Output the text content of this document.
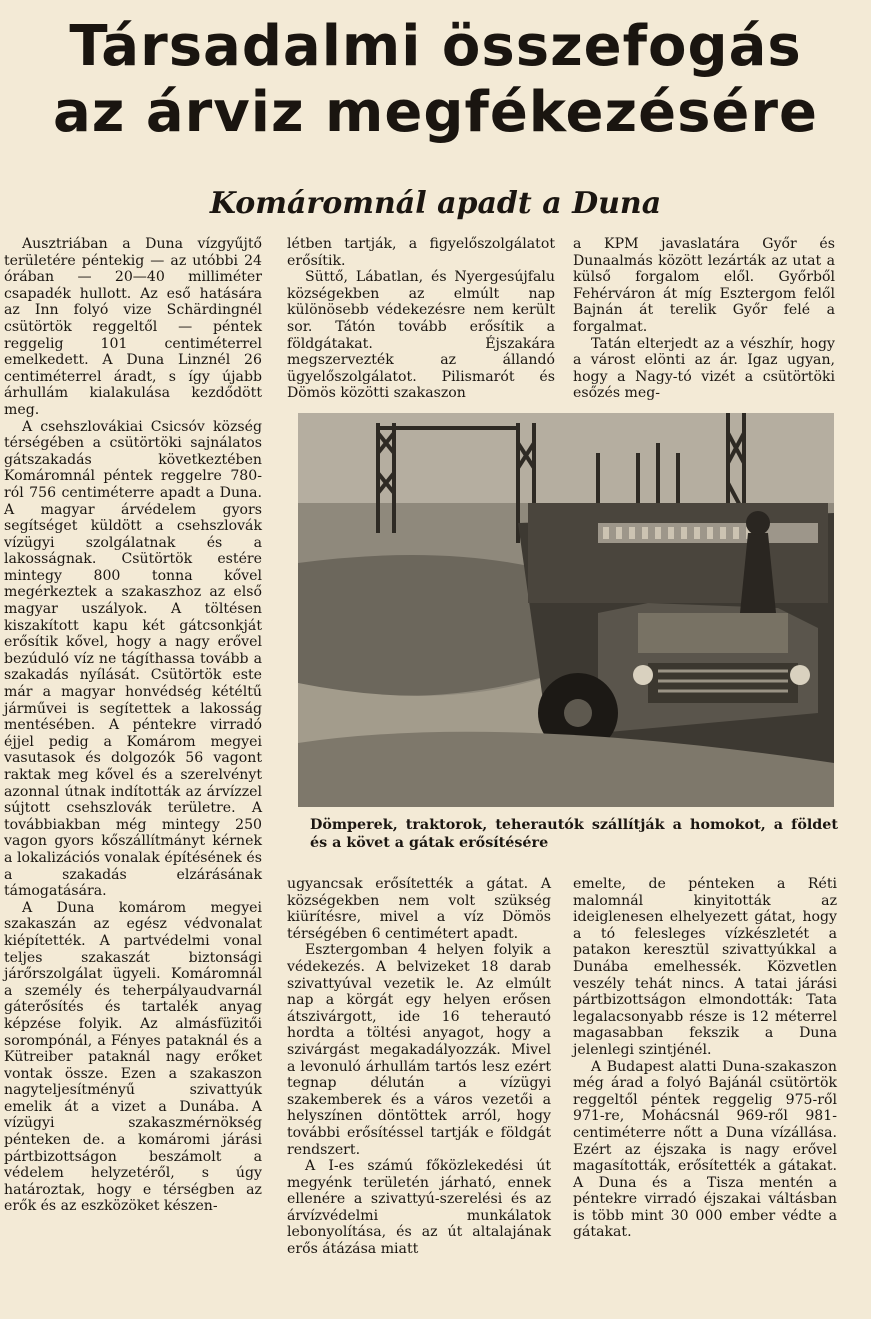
Társadalmi összefogás
az árviz megfékezésére
Komáromnál apadt a Duna

Ausztriában a Duna vízgyűjtő területére péntekig — az utóbbi 24 órában — 20—40 milliméter csapadék hullott. Az eső hatására az Inn folyó vize Schärdingnél csütörtök reggeltől — péntek reggelig 101 centiméterrel emelkedett. A Duna Linznél 26 centiméterrel áradt, s így újabb árhullám kialakulása kezdődött meg.

A csehszlovákiai Csicsóv község térségében a csütörtöki sajnálatos gátszakadás következtében Komáromnál péntek reggelre 780-ról 756 centiméterre apadt a Duna. A magyar árvédelem gyors segítséget küldött a csehszlovák vízügyi szolgálatnak és a lakosságnak. Csütörtök estére mintegy 800 tonna kővel megérkeztek a szakaszhoz az első magyar uszályok. A töltésen kiszakított kapu két gátcsonkját erősítik kővel, hogy a nagy erővel bezúduló víz ne tágíthassa tovább a szakadás nyílását. Csütörtök este már a magyar honvédség kétéltű járművei is segítettek a lakosság mentésében. A péntekre virradó éjjel pedig a Komárom megyei vasutasok és dolgozók 56 vagont raktak meg kővel és a szerelvényt azonnal útnak indították az árvízzel sújtott csehszlovák területre. A továbbiakban még mintegy 250 vagon gyors kőszállítmányt kérnek a lokalizációs vonalak építésének és a szakadás elzárásának támogatására.

A Duna komárom megyei szakaszán az egész védvonalat kiépítették. A partvédelmi vonal teljes szakaszát biztonsági járőrszolgálat ügyeli. Komáromnál a személy és teherpályaudvarnál gáterősítés és tartalék anyag képzése folyik. Az almásfüzitői sorompónál, a Fényes pataknál és a Kütreiber pataknál nagy erőket vontak össze. Ezen a szakaszon nagyteljesítményű szivattyúk emelik át a vizet a Dunába. A vízügyi szakaszmérnökség pénteken de. a komáromi járási pártbizottságon beszámolt a védelem helyzetéről, s úgy határoztak, hogy e térségben az erők és az eszközöket készen-

létben tartják, a figyelőszolgálatot erősítik.

Süttő, Lábatlan, és Nyergesújfalu községekben az elmúlt nap különösebb védekezésre nem került sor. Tátón tovább erősítik a földgátakat. Éjszakára megszervezték az állandó ügyelőszolgálatot. Pilismarót és Dömös közötti szakaszon

a KPM javaslatára Győr és Dunaalmás között lezárták az utat a külső forgalom elől. Győrből Fehérváron át míg Esztergom felől Bajnán át terelik Győr felé a forgalmat.

Tatán elterjedt az a vészhír, hogy a várost elönti az ár. Igaz ugyan, hogy a Nagy-tó vizét a csütörtöki esőzés meg-

Dömperek, traktorok, teherautók szállítják a homokot, a földet és a követ a gátak erősítésére

ugyancsak erősítették a gátat. A községekben nem volt szükség kiürítésre, mivel a víz Dömös térségében 6 centimétert apadt.

Esztergomban 4 helyen folyik a védekezés. A belvizeket 18 darab szivattyúval vezetik le. Az elmúlt nap a körgát egy helyen erősen átszivárgott, ide 16 teherautó hordta a töltési anyagot, hogy a szivárgást megakadályozzák. Mivel a levonuló árhullám tartós lesz ezért tegnap délután a vízügyi szakemberek és a város vezetői a helyszínen döntöttek arról, hogy további erősítéssel tartják e földgát rendszert.

A I-es számú főközlekedési út megyénk területén járható, ennek ellenére a szivattyú-szerelési és az árvízvédelmi munkálatok lebonyolítása, és az út altalajának erős átázása miatt

emelte, de pénteken a Réti malomnál kinyitották az ideiglenesen elhelyezett gátat, hogy a tó felesleges vízkészletét a patakon keresztül szivattyúkkal a Dunába emelhessék. Közvetlen veszély tehát nincs. A tatai járási pártbizottságon elmondották: Tata legalacsonyabb része is 12 méterrel magasabban fekszik a Duna jelenlegi szintjénél.

A Budapest alatti Duna-szakaszon még árad a folyó Bajánál csütörtök reggeltől péntek reggelig 975-ről 971-re, Mohácsnál 969-ről 981-centiméterre nőtt a Duna vízállása. Ezért az éjszaka is nagy erővel magasították, erősítették a gátakat. A Duna és a Tisza mentén a péntekre virradó éjszakai váltásban is több mint 30 000 ember védte a gátakat.
